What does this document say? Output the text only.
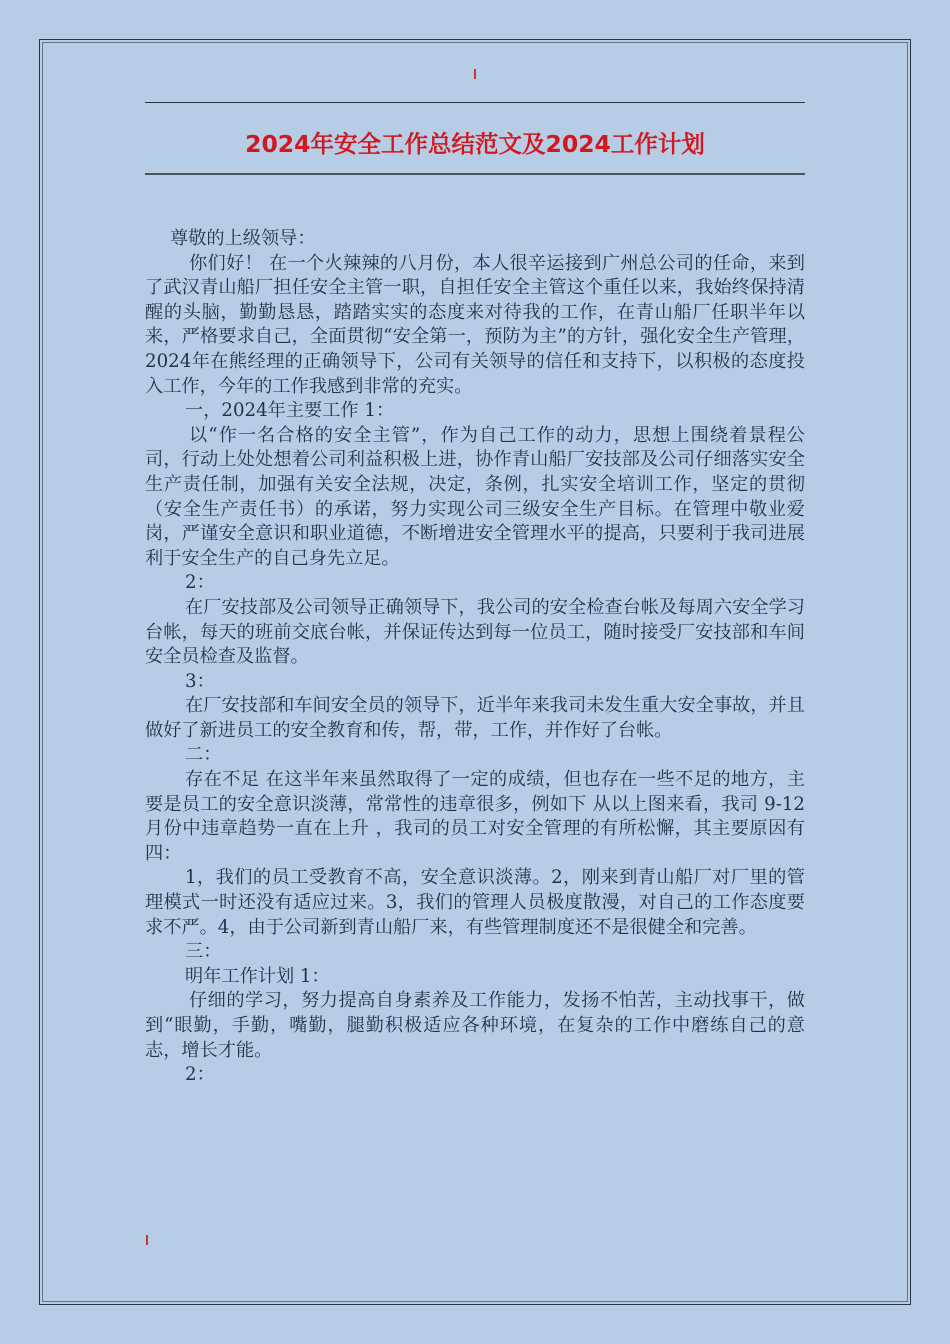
2024年安全工作总结范文及2024工作计划

尊敬的上级领导：

你们好！ 在一个火辣辣的八月份，本人很辛运接到广州总公司的任命，来到了武汉青山船厂担任安全主管一职，自担任安全主管这个重任以来，我始终保持清醒的头脑，勤勤恳恳，踏踏实实的态度来对待我的工作，在青山船厂任职半年以来，严格要求自己，全面贯彻“安全第一，预防为主”的方针，强化安全生产管理，2024年在熊经理的正确领导下，公司有关领导的信任和支持下，以积极的态度投入工作，今年的工作我感到非常的充实。

一，2024年主要工作 1：

以“作一名合格的安全主管”，作为自己工作的动力，思想上围绕着景程公司，行动上处处想着公司利益积极上进，协作青山船厂安技部及公司仔细落实安全生产责任制，加强有关安全法规，决定，条例，扎实安全培训工作，坚定的贯彻（安全生产责任书）的承诺，努力实现公司三级安全生产目标。在管理中敬业爱岗，严谨安全意识和职业道德，不断增进安全管理水平的提高，只要利于我司进展利于安全生产的自己身先立足。

2：

在厂安技部及公司领导正确领导下，我公司的安全检查台帐及每周六安全学习台帐，每天的班前交底台帐，并保证传达到每一位员工，随时接受厂安技部和车间安全员检查及监督。

3：

在厂安技部和车间安全员的领导下，近半年来我司未发生重大安全事故，并且做好了新进员工的安全教育和传，帮，带，工作，并作好了台帐。

二：

存在不足 在这半年来虽然取得了一定的成绩，但也存在一些不足的地方，主要是员工的安全意识淡薄，常常性的违章很多，例如下 从以上图来看，我司 9-12月份中违章趋势一直在上升 ，我司的员工对安全管理的有所松懈，其主要原因有四：

1，我们的员工受教育不高，安全意识淡薄。2，刚来到青山船厂对厂里的管理模式一时还没有适应过来。3，我们的管理人员极度散漫，对自己的工作态度要求不严。4，由于公司新到青山船厂来，有些管理制度还不是很健全和完善。

三：

明年工作计划 1：

仔细的学习，努力提高自身素养及工作能力，发扬不怕苦，主动找事干，做到“眼勤，手勤，嘴勤，腿勤积极适应各种环境，在复杂的工作中磨练自己的意志，增长才能。

2：
